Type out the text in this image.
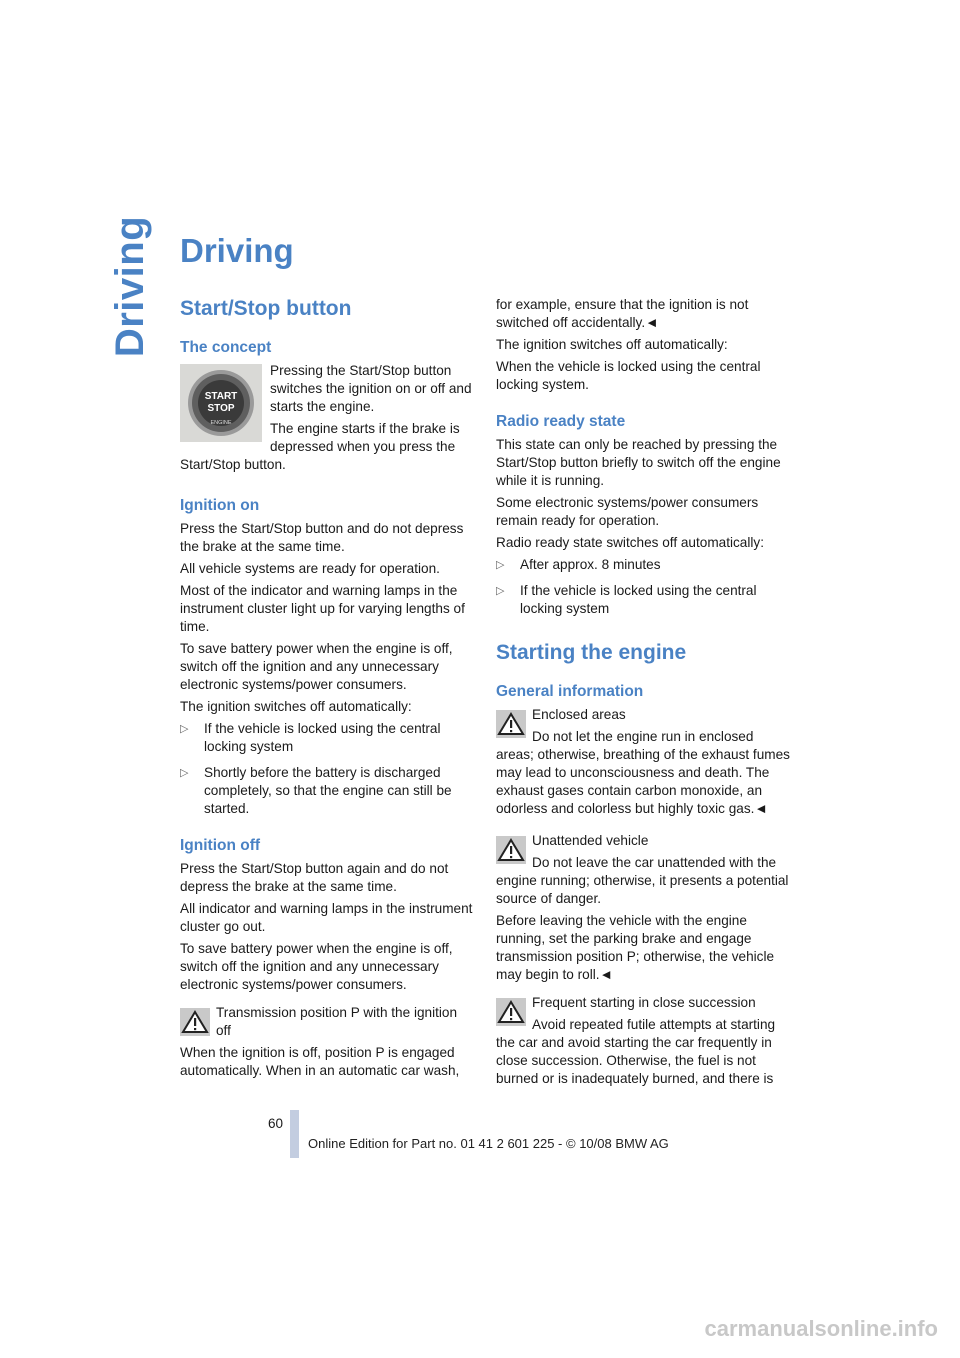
Driving Driving
Start/Stop button
The concept
START
STOP
ENGINE

Pressing the Start/Stop button switches the ignition on or off and starts the engine.

The engine starts if the brake is depressed when you press the Start/Stop button.

Ignition on

Press the Start/Stop button and do not depress the brake at the same time.

All vehicle systems are ready for operation.

Most of the indicator and warning lamps in the instrument cluster light up for varying lengths of time.

To save battery power when the engine is off, switch off the ignition and any unnecessary electronic systems/power consumers.

The ignition switches off automatically:

▷ If the vehicle is locked using the central locking system
▷ Shortly before the battery is discharged completely, so that the engine can still be started.
Ignition off

Press the Start/Stop button again and do not depress the brake at the same time.

All indicator and warning lamps in the instrument cluster go out.

To save battery power when the engine is off, switch off the ignition and any unnecessary electronic systems/power consumers.

Transmission position P with the ignition off

When the ignition is off, position P is engaged automatically. When in an automatic car wash,

for example, ensure that the ignition is not switched off accidentally.◄

The ignition switches off automatically:

When the vehicle is locked using the central locking system.

Radio ready state

This state can only be reached by pressing the Start/Stop button briefly to switch off the engine while it is running.

Some electronic systems/power consumers remain ready for operation.

Radio ready state switches off automatically:

▷ After approx. 8 minutes
▷ If the vehicle is locked using the central locking system
Starting the engine
General information

Enclosed areas

Do not let the engine run in enclosed areas; otherwise, breathing of the exhaust fumes may lead to unconsciousness and death. The exhaust gases contain carbon monoxide, an odorless and colorless but highly toxic gas.◄

Unattended vehicle

Do not leave the car unattended with the engine running; otherwise, it presents a potential source of danger.

Before leaving the vehicle with the engine running, set the parking brake and engage transmission position P; otherwise, the vehicle may begin to roll.◄

Frequent starting in close succession

Avoid repeated futile attempts at starting the car and avoid starting the car frequently in close succession. Otherwise, the fuel is not burned or is inadequately burned, and there is

60
Online Edition for Part no. 01 41 2 601 225 - © 10/08 BMW AG
carmanualsonline.info
